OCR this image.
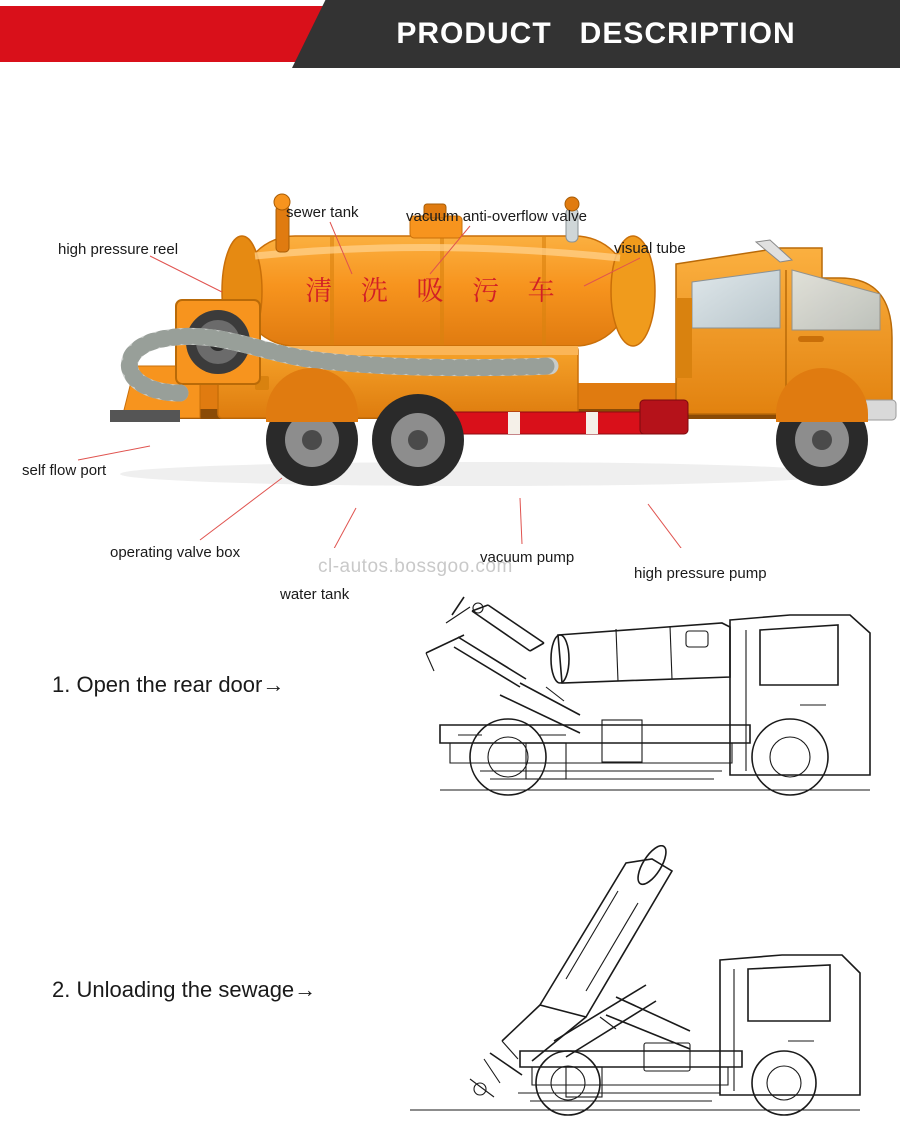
PRODUCT   DESCRIPTION
清 洗 吸 污 车
high pressure reel
sewer tank	vacuum anti-overflow valve
visual tube
self flow port
operating valve box
water tank
vacuum pump
high pressure pump
cl-autos.bossgoo.com
1. Open the rear door→
2. Unloading the sewage→
